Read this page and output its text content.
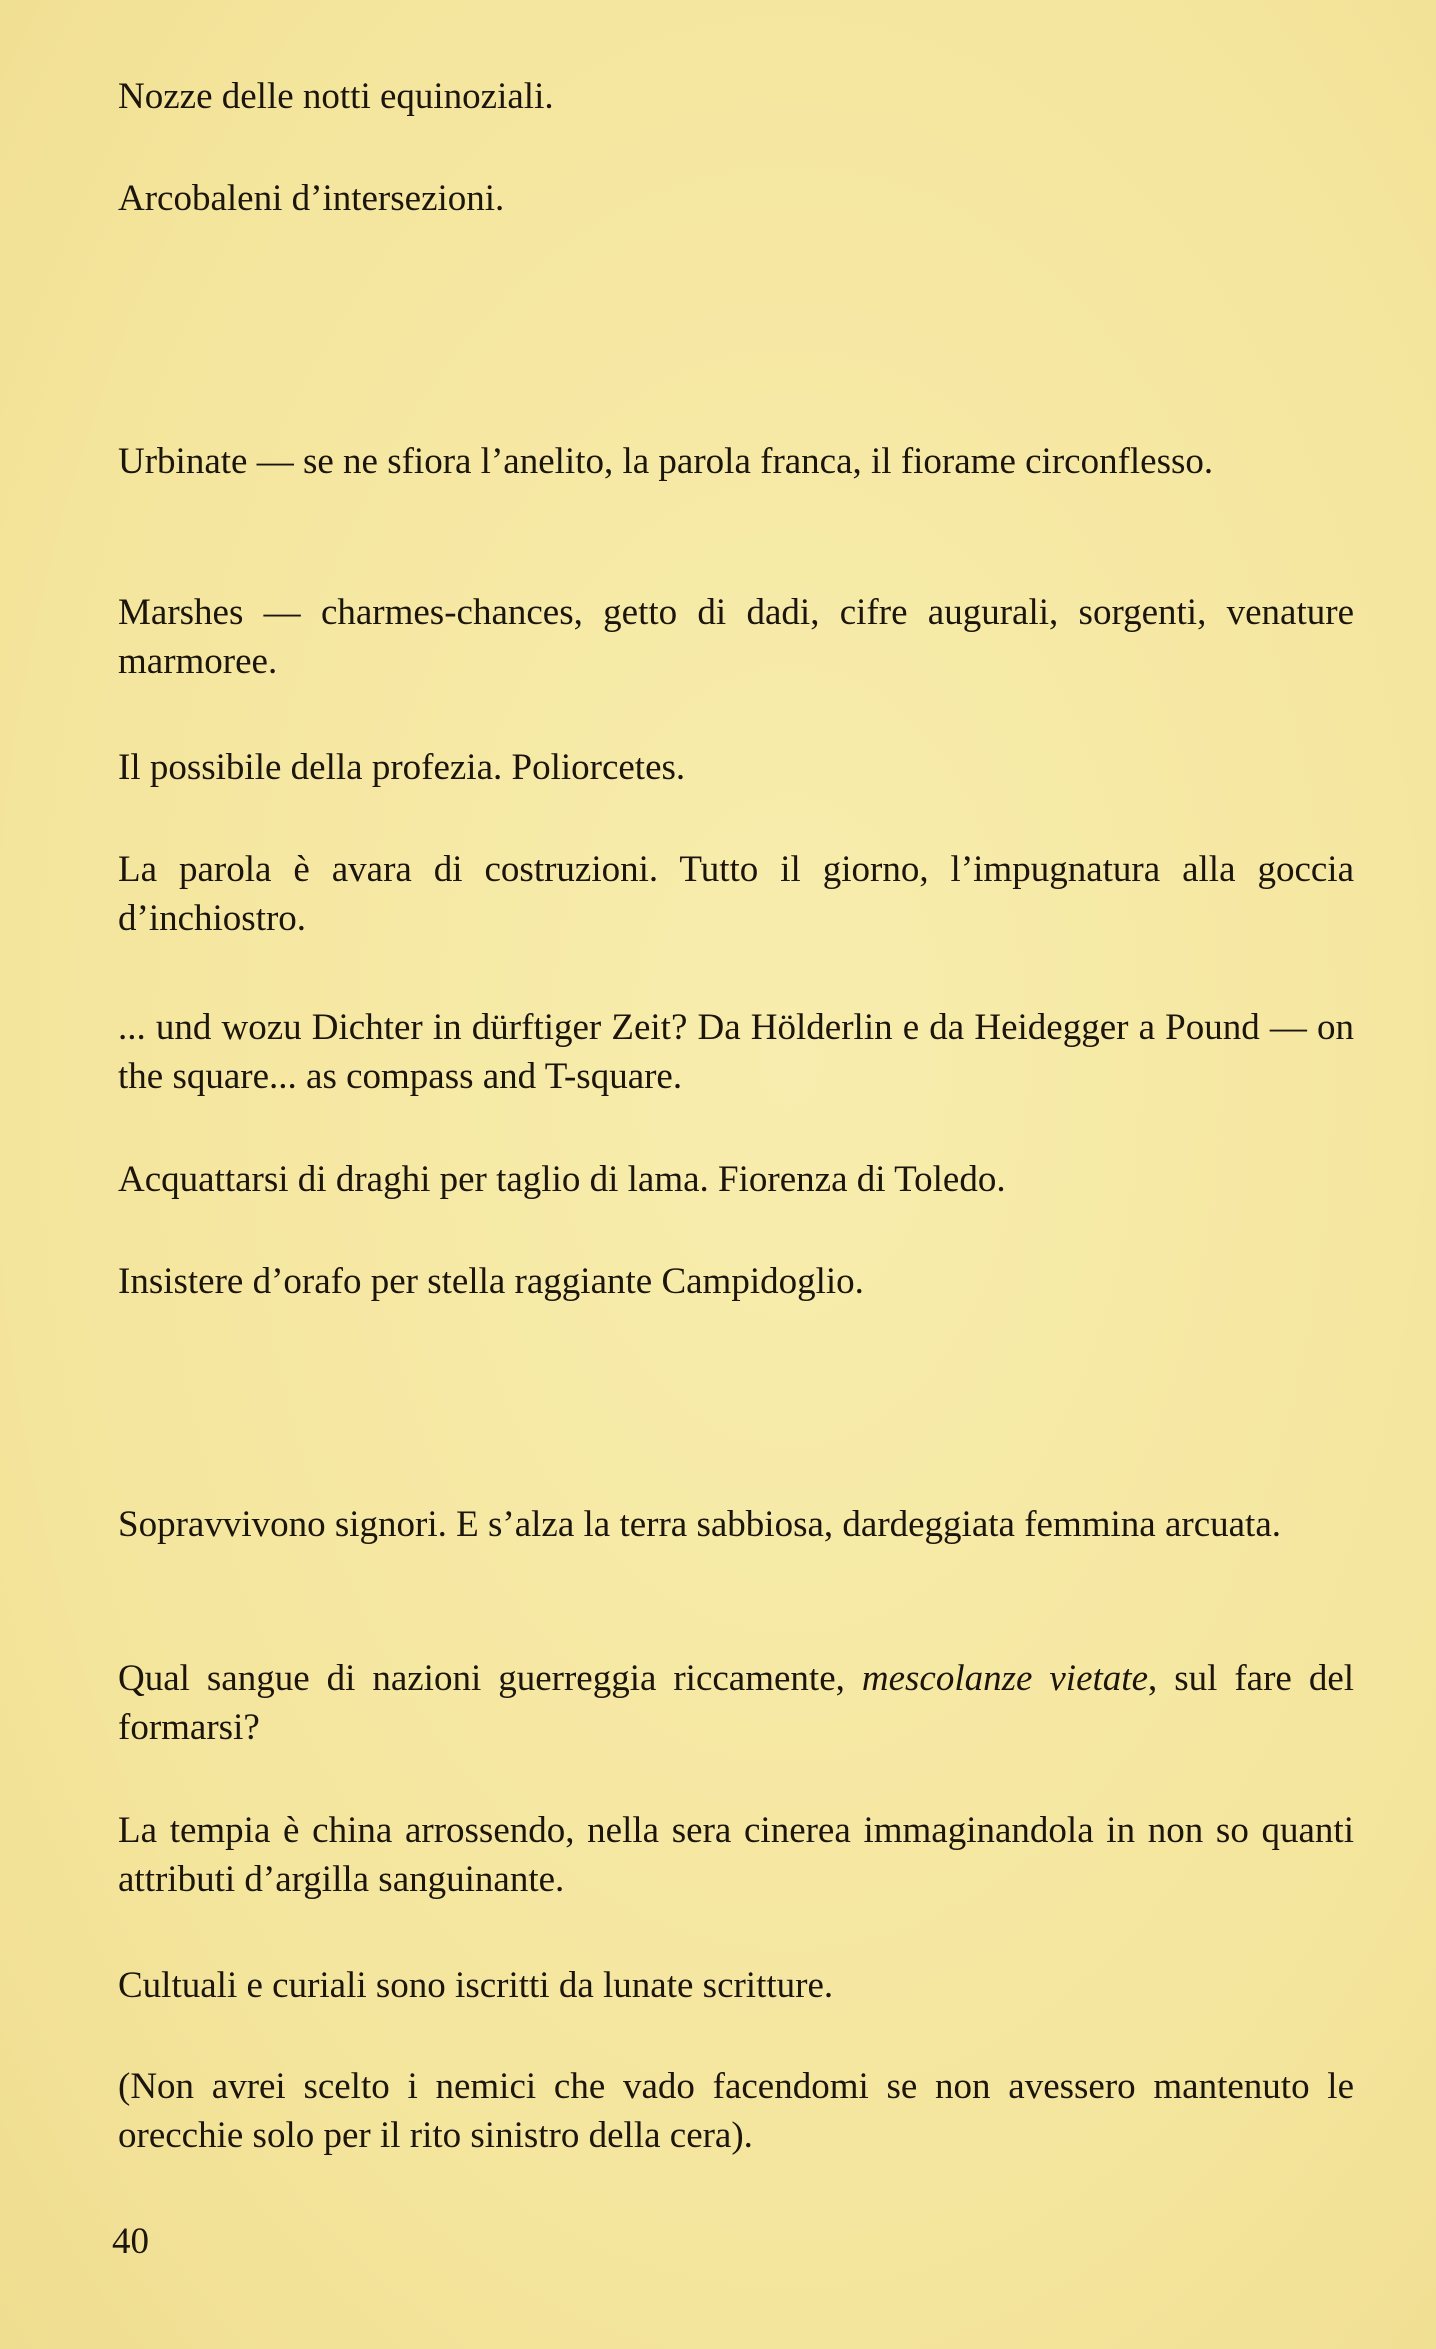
Nozze delle notti equinoziali.

Arcobaleni d’intersezioni.

Urbinate — se ne sfiora l’anelito, la parola franca, il fiorame circonflesso.

Marshes — charmes-chances, getto di dadi, cifre augurali, sorgenti, venature marmoree.

Il possibile della profezia. Poliorcetes.

La parola è avara di costruzioni. Tutto il giorno, l’impugnatura alla goccia d’inchiostro.

... und wozu Dichter in dürftiger Zeit? Da Hölderlin e da Heidegger a Pound — on the square... as compass and T-square.

Acquattarsi di draghi per taglio di lama. Fiorenza di Toledo.

Insistere d’orafo per stella raggiante Campidoglio.

Sopravvivono signori. E s’alza la terra sabbiosa, dardeggiata femmina arcuata.

Qual sangue di nazioni guerreggia riccamente, mescolanze vietate, sul fare del formarsi?

La tempia è china arrossendo, nella sera cinerea immaginandola in non so quanti attributi d’argilla sanguinante.

Cultuali e curiali sono iscritti da lunate scritture.

(Non avrei scelto i nemici che vado facendomi se non avessero mantenuto le orecchie solo per il rito sinistro della cera).

40
